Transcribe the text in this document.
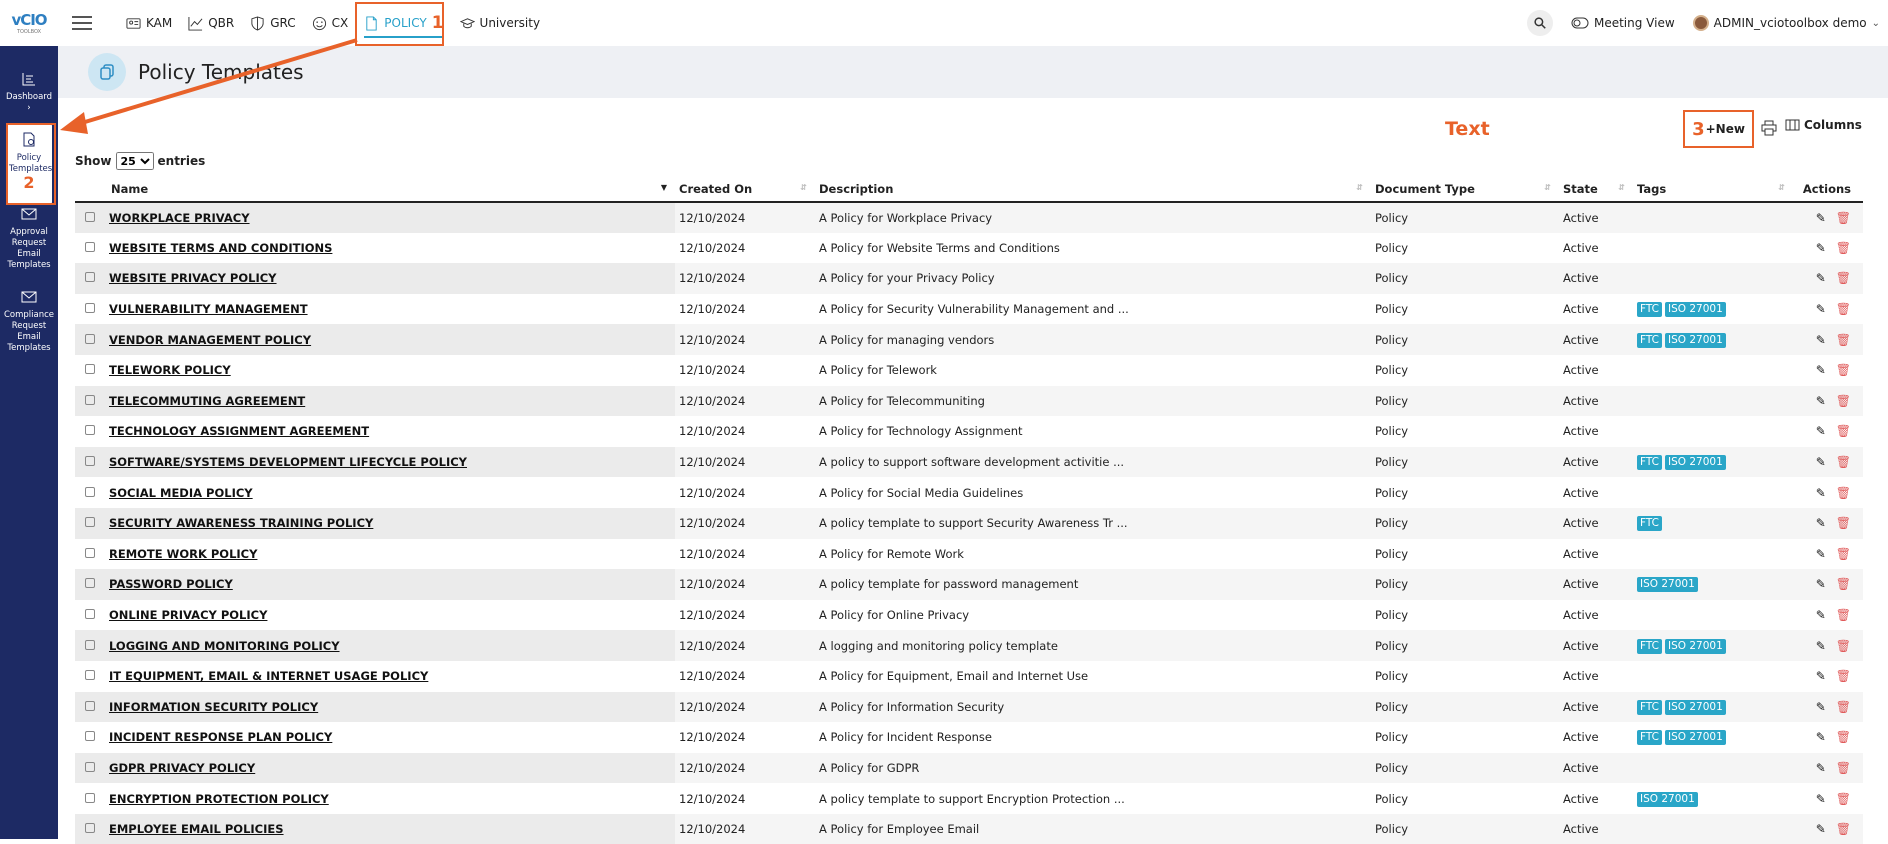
vCIO
TOOLBOX
KAM	QBR	GRC	CX	POLICY 1	University	Meeting View	ADMIN_vciotoolbox demo ⌄
Dashboard
›
Policy Templates
2
Approval Request Email Templates
Compliance Request Email Templates
Policy Templates
Text	3 + New	Columns
Show
25	entries
Name ▼	Created On ⇵	Description ⇵	Document Type ⇵	State ⇵	Tags ⇵	Actions
WORKPLACE PRIVACY	12/10/2024	A Policy for Workplace Privacy	Policy	Active		✎ 🗑︎
WEBSITE TERMS AND CONDITIONS	12/10/2024	A Policy for Website Terms and Conditions	Policy	Active		✎ 🗑︎
WEBSITE PRIVACY POLICY	12/10/2024	A Policy for your Privacy Policy	Policy	Active		✎ 🗑︎
VULNERABILITY MANAGEMENT	12/10/2024	A Policy for Security Vulnerability Management and ...	Policy	Active	FTC ISO 27001	✎ 🗑︎
VENDOR MANAGEMENT POLICY	12/10/2024	A Policy for managing vendors	Policy	Active	FTC ISO 27001	✎ 🗑︎
TELEWORK POLICY	12/10/2024	A Policy for Telework	Policy	Active		✎ 🗑︎
TELECOMMUTING AGREEMENT	12/10/2024	A Policy for Telecommuniting	Policy	Active		✎ 🗑︎
TECHNOLOGY ASSIGNMENT AGREEMENT	12/10/2024	A Policy for Technology Assignment	Policy	Active		✎ 🗑︎
SOFTWARE/SYSTEMS DEVELOPMENT LIFECYCLE POLICY	12/10/2024	A policy to support software development activitie ...	Policy	Active	FTC ISO 27001	✎ 🗑︎
SOCIAL MEDIA POLICY	12/10/2024	A Policy for Social Media Guidelines	Policy	Active		✎ 🗑︎
SECURITY AWARENESS TRAINING POLICY	12/10/2024	A policy template to support Security Awareness Tr ...	Policy	Active	FTC	✎ 🗑︎
REMOTE WORK POLICY	12/10/2024	A Policy for Remote Work	Policy	Active		✎ 🗑︎
PASSWORD POLICY	12/10/2024	A policy template for password management	Policy	Active	ISO 27001	✎ 🗑︎
ONLINE PRIVACY POLICY	12/10/2024	A Policy for Online Privacy	Policy	Active		✎ 🗑︎
LOGGING AND MONITORING POLICY	12/10/2024	A logging and monitoring policy template	Policy	Active	FTC ISO 27001	✎ 🗑︎
IT EQUIPMENT, EMAIL & INTERNET USAGE POLICY	12/10/2024	A Policy for Equipment, Email and Internet Use	Policy	Active		✎ 🗑︎
INFORMATION SECURITY POLICY	12/10/2024	A Policy for Information Security	Policy	Active	FTC ISO 27001	✎ 🗑︎
INCIDENT RESPONSE PLAN POLICY	12/10/2024	A Policy for Incident Response	Policy	Active	FTC ISO 27001	✎ 🗑︎
GDPR PRIVACY POLICY	12/10/2024	A Policy for GDPR	Policy	Active		✎ 🗑︎
ENCRYPTION PROTECTION POLICY	12/10/2024	A policy template to support Encryption Protection ...	Policy	Active	ISO 27001	✎ 🗑︎
EMPLOYEE EMAIL POLICIES	12/10/2024	A Policy for Employee Email	Policy	Active		✎ 🗑︎
